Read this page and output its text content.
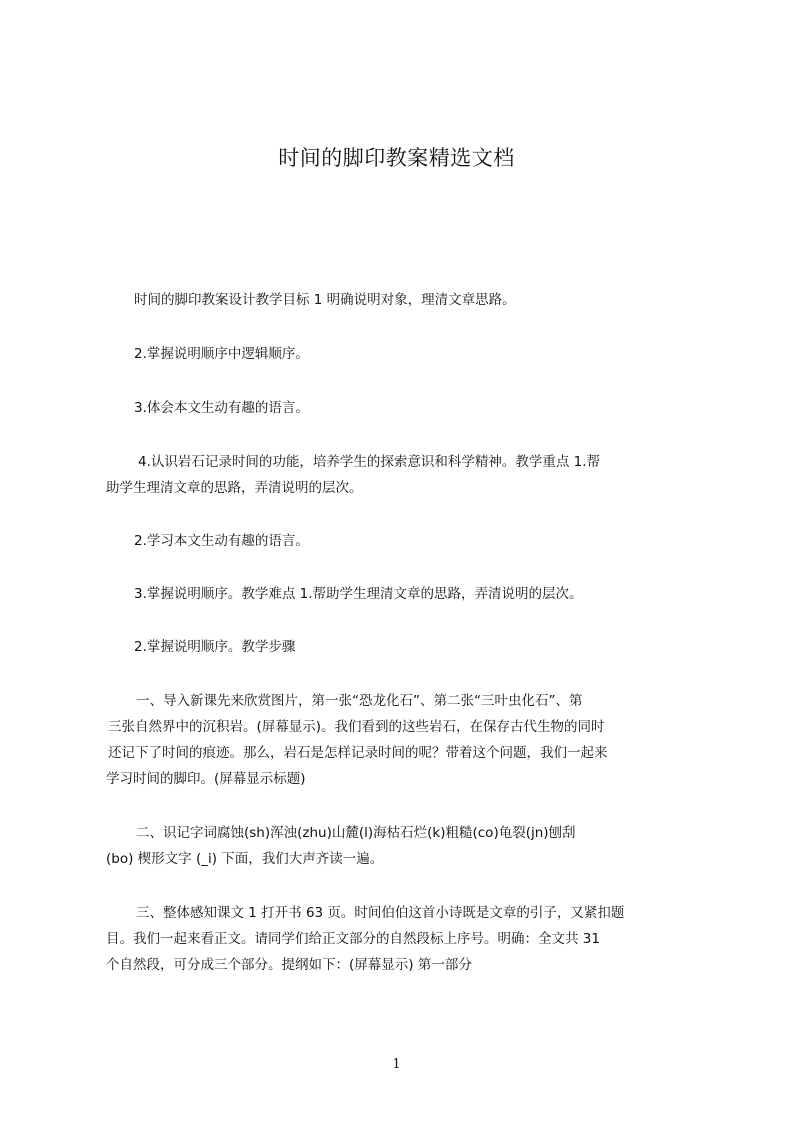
时间的脚印教案精选文档

时间的脚印教案设计教学目标 1 明确说明对象，理清文章思路。

2.掌握说明顺序中逻辑顺序。

3.体会本文生动有趣的语言。

4.认识岩石记录时间的功能，培养学生的探索意识和科学精神。教学重点 1.帮
助学生理清文章的思路，弄清说明的层次。

2.学习本文生动有趣的语言。

3.掌握说明顺序。教学难点 1.帮助学生理清文章的思路，弄清说明的层次。

2.掌握说明顺序。教学步骤

一、导入新课先来欣赏图片，第一张“恐龙化石”、第二张“三叶虫化石”、第
三张自然界中的沉积岩。(屏幕显示)。我们看到的这些岩石，在保存古代生物的同时
还记下了时间的痕迹。那么，岩石是怎样记录时间的呢？带着这个问题，我们一起来
学习时间的脚印。(屏幕显示标题)

二、识记字词腐蚀(sh)浑浊(zhu)山麓(l)海枯石烂(k)粗糙(co)龟裂(jn)刨刮
(bo) 楔形文字 (_i) 下面，我们大声齐读一遍。

三、整体感知课文 1 打开书 63 页。时间伯伯这首小诗既是文章的引子，又紧扣题
目。我们一起来看正文。请同学们给正文部分的自然段标上序号。明确：全文共 31
个自然段，可分成三个部分。提纲如下：(屏幕显示) 第一部分

1
